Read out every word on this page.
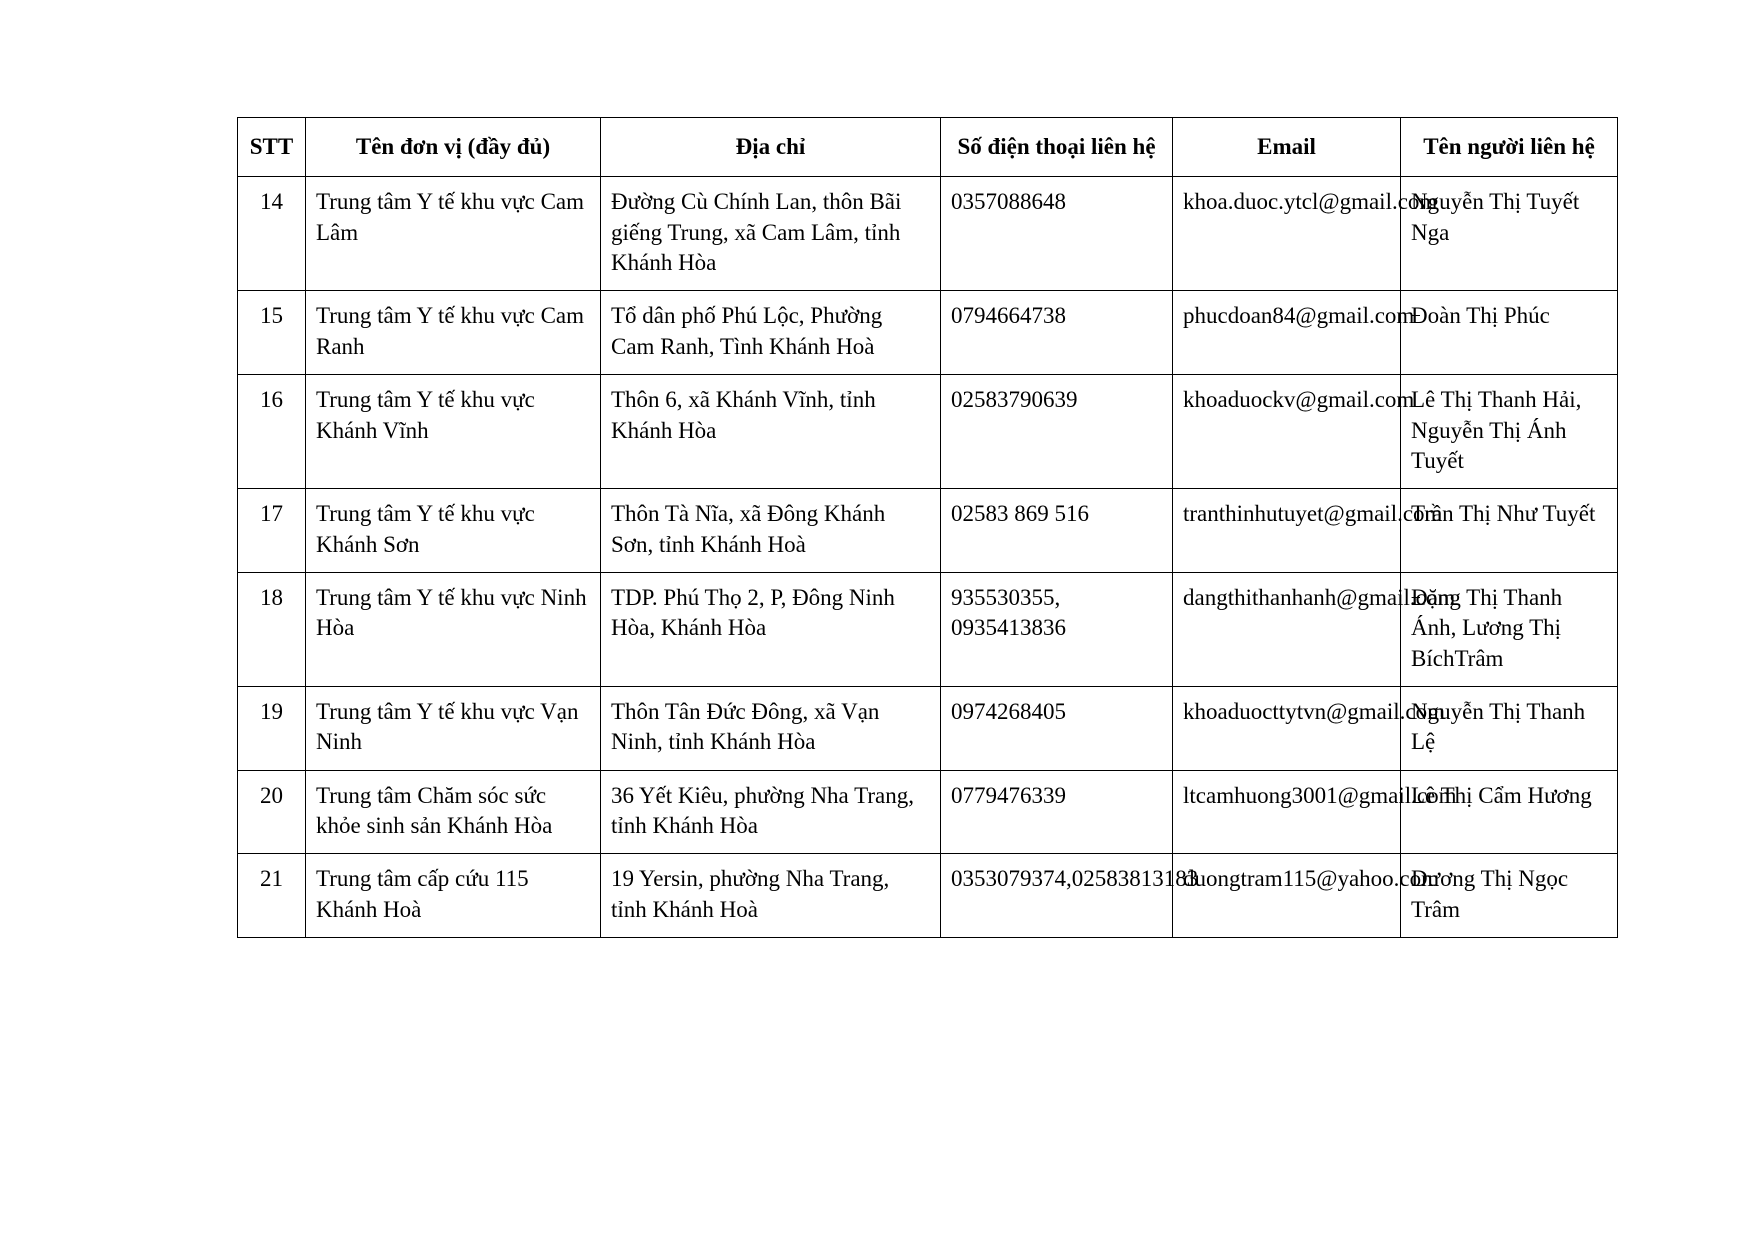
STT	Tên đơn vị (đầy đủ)	Địa chỉ	Số điện thoại liên hệ	Email	Tên người liên hệ
14	Trung tâm Y tế khu vực Cam Lâm	Đường Cù Chính Lan, thôn Bãi giếng Trung, xã Cam Lâm, tỉnh Khánh Hòa	0357088648	khoa.duoc.ytcl@gmail.com	Nguyễn Thị Tuyết Nga
15	Trung tâm Y tế khu vực Cam Ranh	Tổ dân phố Phú Lộc, Phường Cam Ranh, Tình Khánh Hoà	0794664738	phucdoan84@gmail.com	Đoàn Thị Phúc
16	Trung tâm Y tế khu vực Khánh Vĩnh	Thôn 6, xã Khánh Vĩnh, tỉnh Khánh Hòa	02583790639	khoaduockv@gmail.com	Lê Thị Thanh Hải, Nguyễn Thị Ánh Tuyết
17	Trung tâm Y tế khu vực Khánh Sơn	Thôn Tà Nĩa, xã Đông Khánh Sơn, tỉnh Khánh Hoà	02583 869 516	tranthinhutuyet@gmail.com	Trần Thị Như Tuyết
18	Trung tâm Y tế khu vực Ninh Hòa	TDP. Phú Thọ 2, P, Đông Ninh Hòa, Khánh Hòa	935530355, 0935413836	dangthithanhanh@gmail.com	Đặng Thị Thanh Ánh, Lương Thị BíchTrâm
19	Trung tâm Y tế khu vực Vạn Ninh	Thôn Tân Đức Đông, xã Vạn Ninh, tỉnh Khánh Hòa	0974268405	khoaduocttytvn@gmail.com	Nguyễn Thị Thanh Lệ
20	Trung tâm Chăm sóc sức khỏe sinh sản Khánh Hòa	36 Yết Kiêu, phường Nha Trang, tỉnh Khánh Hòa	0779476339	ltcamhuong3001@gmail.com	Lê Thị Cẩm Hương
21	Trung tâm cấp cứu 115 Khánh Hoà	19 Yersin, phường Nha Trang, tỉnh Khánh Hoà	0353079374,02583813183	duongtram115@yahoo.com	Dương Thị Ngọc Trâm
